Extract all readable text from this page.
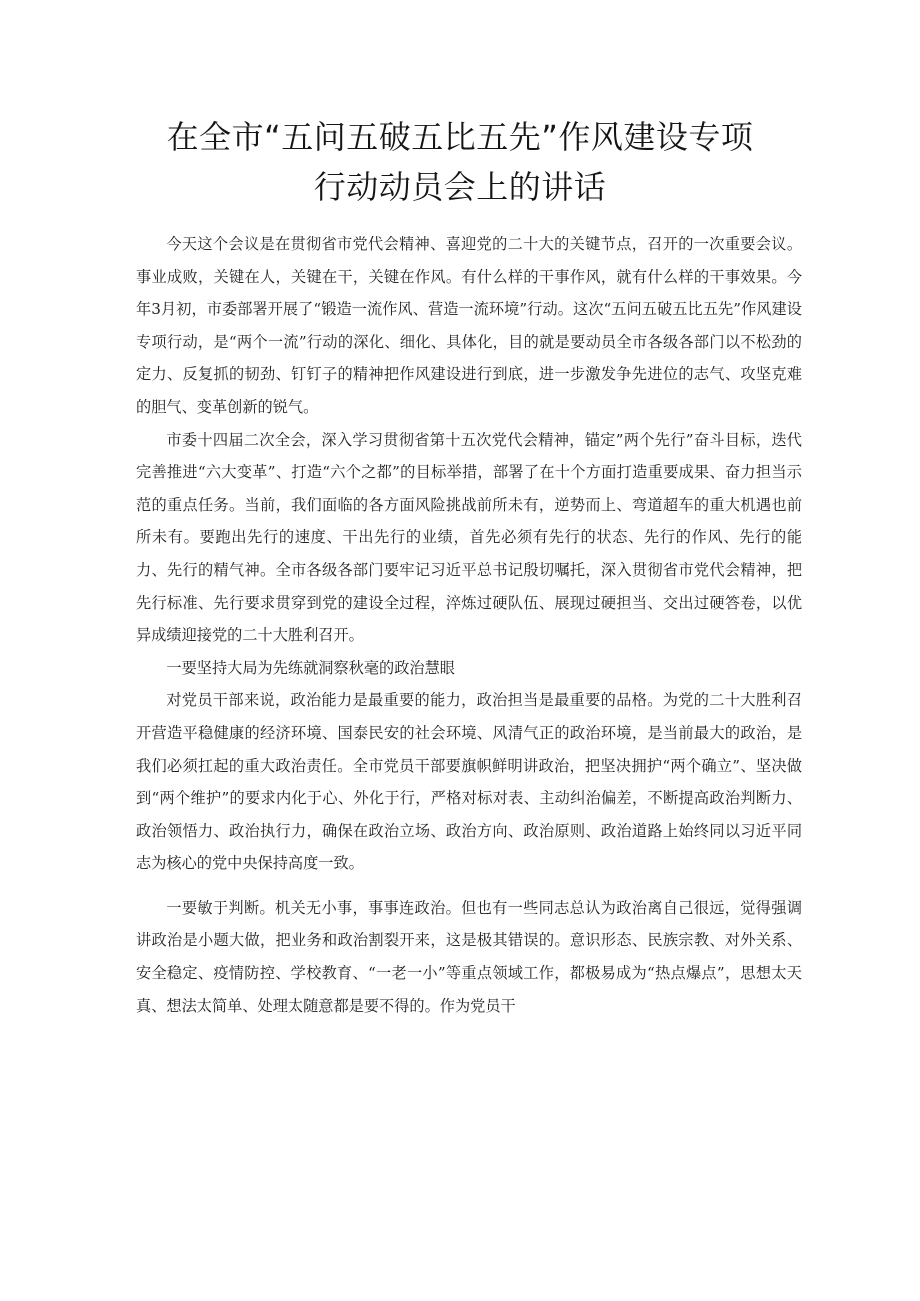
在全市“五问五破五比五先”作风建设专项
行动动员会上的讲话

今天这个会议是在贯彻省市党代会精神、喜迎党的二十大的关键节点，召开的一次重要会议。事业成败，关键在人，关键在干，关键在作风。有什么样的干事作风，就有什么样的干事效果。今年3月初，市委部署开展了“锻造一流作风、营造一流环境”行动。这次“五问五破五比五先”作风建设专项行动，是“两个一流”行动的深化、细化、具体化，目的就是要动员全市各级各部门以不松劲的定力、反复抓的韧劲、钉钉子的精神把作风建设进行到底，进一步激发争先进位的志气、攻坚克难的胆气、变革创新的锐气。

市委十四届二次全会，深入学习贯彻省第十五次党代会精神，锚定”两个先行”奋斗目标，迭代完善推进“六大变革”、打造“六个之都”的目标举措，部署了在十个方面打造重要成果、奋力担当示范的重点任务。当前，我们面临的各方面风险挑战前所未有，逆势而上、弯道超车的重大机遇也前所未有。要跑出先行的速度、干出先行的业绩，首先必须有先行的状态、先行的作风、先行的能力、先行的精气神。全市各级各部门要牢记习近平总书记殷切嘱托，深入贯彻省市党代会精神，把先行标准、先行要求贯穿到党的建设全过程，淬炼过硬队伍、展现过硬担当、交出过硬答卷，以优异成绩迎接党的二十大胜利召开。

一要坚持大局为先练就洞察秋毫的政治慧眼

对党员干部来说，政治能力是最重要的能力，政治担当是最重要的品格。为党的二十大胜利召开营造平稳健康的经济环境、国泰民安的社会环境、风清气正的政治环境，是当前最大的政治，是我们必须扛起的重大政治责任。全市党员干部要旗帜鲜明讲政治，把坚决拥护“两个确立”、坚决做到“两个维护”的要求内化于心、外化于行，严格对标对表、主动纠治偏差，不断提高政治判断力、政治领悟力、政治执行力，确保在政治立场、政治方向、政治原则、政治道路上始终同以习近平同志为核心的党中央保持高度一致。

一要敏于判断。机关无小事，事事连政治。但也有一些同志总认为政治离自己很远，觉得强调讲政治是小题大做，把业务和政治割裂开来，这是极其错误的。意识形态、民族宗教、对外关系、安全稳定、疫情防控、学校教育、“一老一小”等重点领域工作，都极易成为“热点爆点”，思想太天真、想法太简单、处理太随意都是要不得的。作为党员干
